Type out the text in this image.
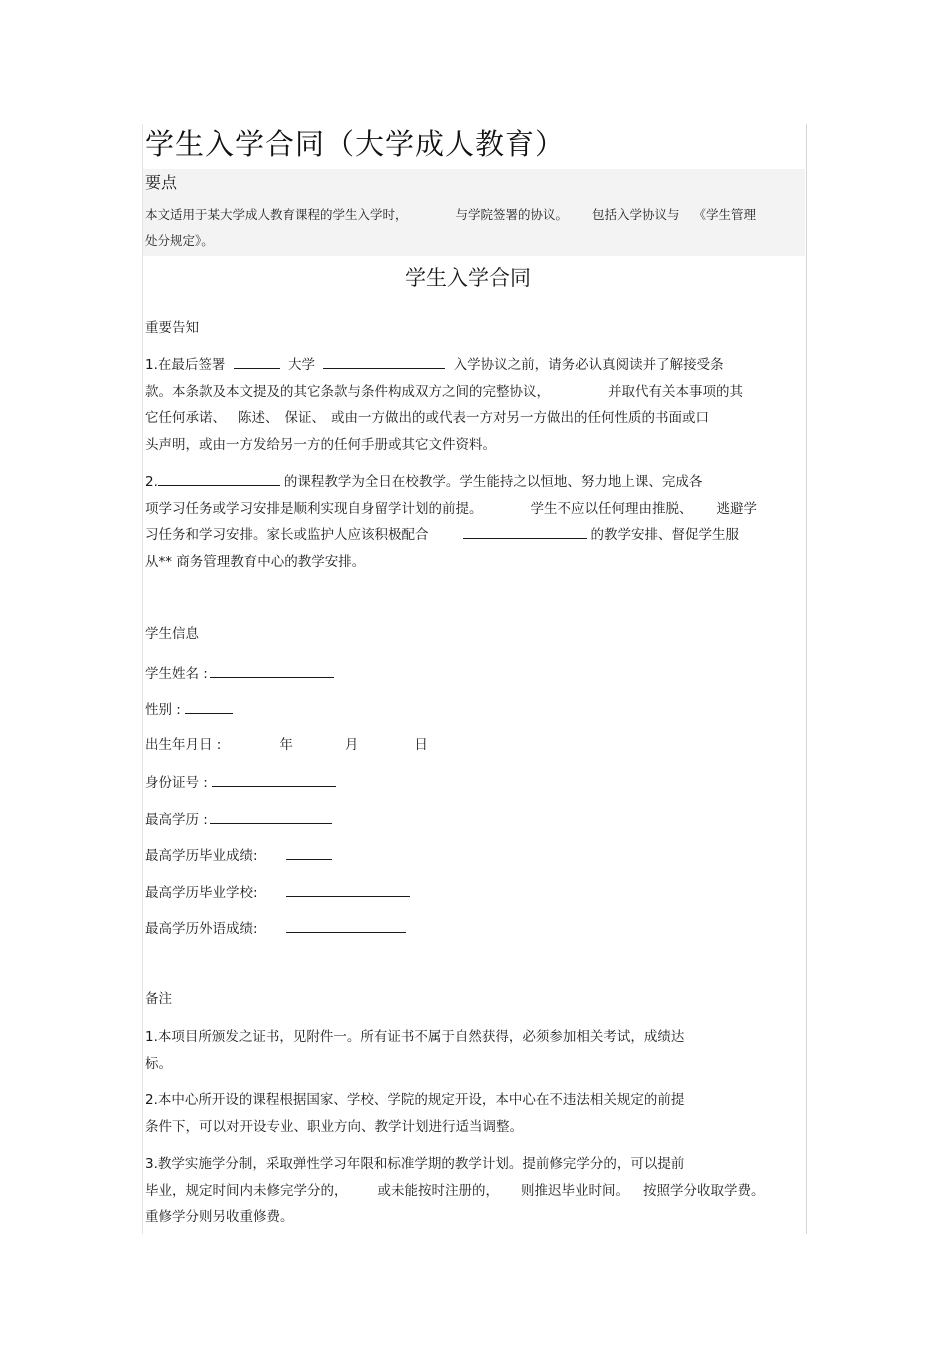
学生入学合同（大学成人教育）
要点
本文适用于某大学成人教育课程的学生入学时，	与学院签署的协议。 包括入学协议与 《学生管理
处分规定》。
学生入学合同
重要告知
1.在最后签署	大学	入学协议之前，请务必认真阅读并了解接受条
款。本条款及本文提及的其它条款与条件构成双方之间的完整协议，	并取代有关本事项的其
它任何承诺、 陈述、 保证、 或由一方做出的或代表一方对另一方做出的任何性质的书面或口
头声明，或由一方发给另一方的任何手册或其它文件资料。
2.	的课程教学为全日在校教学。学生能持之以恒地、努力地上课、完成各
项学习任务或学习安排是顺利实现自身留学计划的前提。	学生不应以任何理由推脱、 逃避学
习任务和学习安排。家长或监护人应该积极配合	的教学安排、督促学生服
从** 商务管理教育中心的教学安排。
学生信息
学生姓名 :
性别 :
出生年月日 :	年	月	日
身份证号 :
最高学历 :
最高学历毕业成绩:
最高学历毕业学校:
最高学历外语成绩:
备注
1.本项目所颁发之证书，见附件一。所有证书不属于自然获得，必须参加相关考试，成绩达
标。
2.本中心所开设的课程根据国家、学校、学院的规定开设，本中心在不违法相关规定的前提
条件下，可以对开设专业、职业方向、教学计划进行适当调整。
3.教学实施学分制，采取弹性学习年限和标准学期的教学计划。提前修完学分的，可以提前
毕业，规定时间内未修完学分的， 或未能按时注册的， 则推迟毕业时间。 按照学分收取学费。
重修学分则另收重修费。
